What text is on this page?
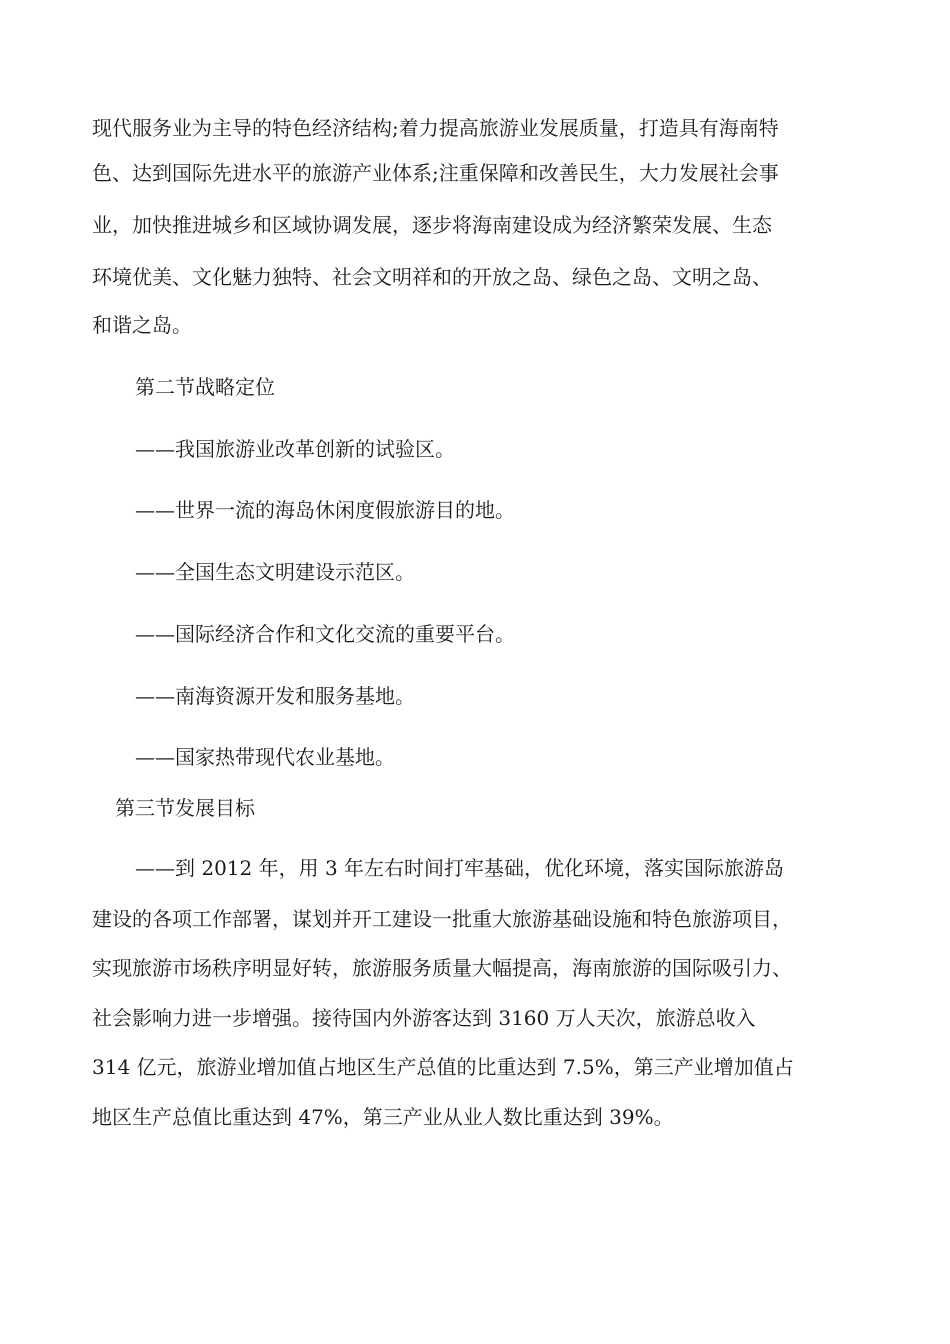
现代服务业为主导的特色经济结构;着力提高旅游业发展质量，打造具有海南特
色、达到国际先进水平的旅游产业体系;注重保障和改善民生，大力发展社会事
业，加快推进城乡和区域协调发展，逐步将海南建设成为经济繁荣发展、生态
环境优美、文化魅力独特、社会文明祥和的开放之岛、绿色之岛、文明之岛、
和谐之岛。
第二节战略定位
——我国旅游业改革创新的试验区。
——世界一流的海岛休闲度假旅游目的地。
——全国生态文明建设示范区。
——国际经济合作和文化交流的重要平台。
——南海资源开发和服务基地。
——国家热带现代农业基地。
第三节发展目标
——到 2012 年，用 3 年左右时间打牢基础，优化环境，落实国际旅游岛
建设的各项工作部署，谋划并开工建设一批重大旅游基础设施和特色旅游项目，
实现旅游市场秩序明显好转，旅游服务质量大幅提高，海南旅游的国际吸引力、
社会影响力进一步增强。接待国内外游客达到 3160 万人天次，旅游总收入
314 亿元，旅游业增加值占地区生产总值的比重达到 7.5%，第三产业增加值占
地区生产总值比重达到 47%，第三产业从业人数比重达到 39%。
